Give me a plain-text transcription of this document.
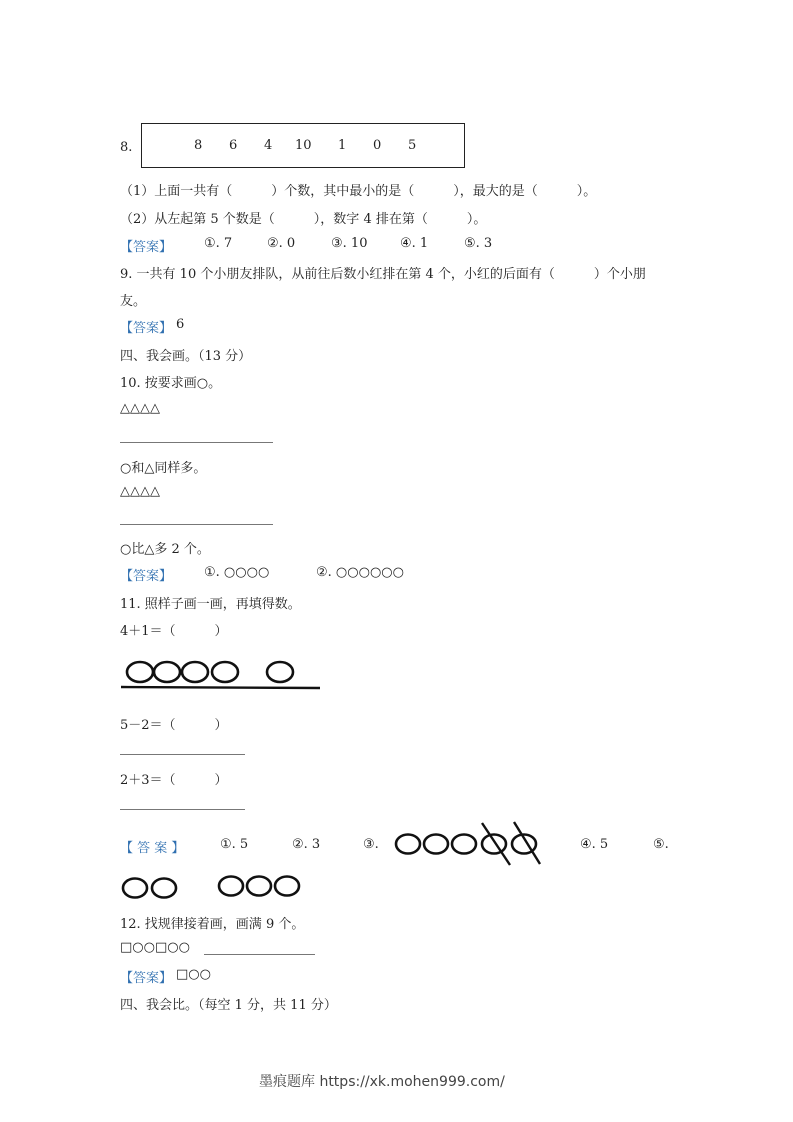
8.	8 6 4 10 1 0 5
（1）上面一共有（　　　）个数，其中最小的是（　　　），最大的是（　　　）。
（2）从左起第 5 个数是（　　　），数字 4 排在第（　　　）。
【答案】 ①. 7	②. 0	③. 10	④. 1	⑤. 3
9. 一共有 10 个小朋友排队，从前往后数小红排在第 4 个，小红的后面有（　　　）个小朋
友。
【答案】 6
四、我会画。（13 分）
10. 按要求画○。
△△△△
○和△同样多。
△△△△
○比△多 2 个。
【答案】 ①. ○○○○	②. ○○○○○○
11. 照样子画一画，再填得数。
4＋1＝（　　　）
5－2＝（　　　）
2＋3＝（　　　）
【 答 案 】	①. 5	②. 3	③.	④. 5	⑤.
12. 找规律接着画，画满 9 个。
□○○□○○
【答案】 □○○
四、我会比。（每空 1 分，共 11 分）
墨痕题库 https://xk.mohen999.com/
